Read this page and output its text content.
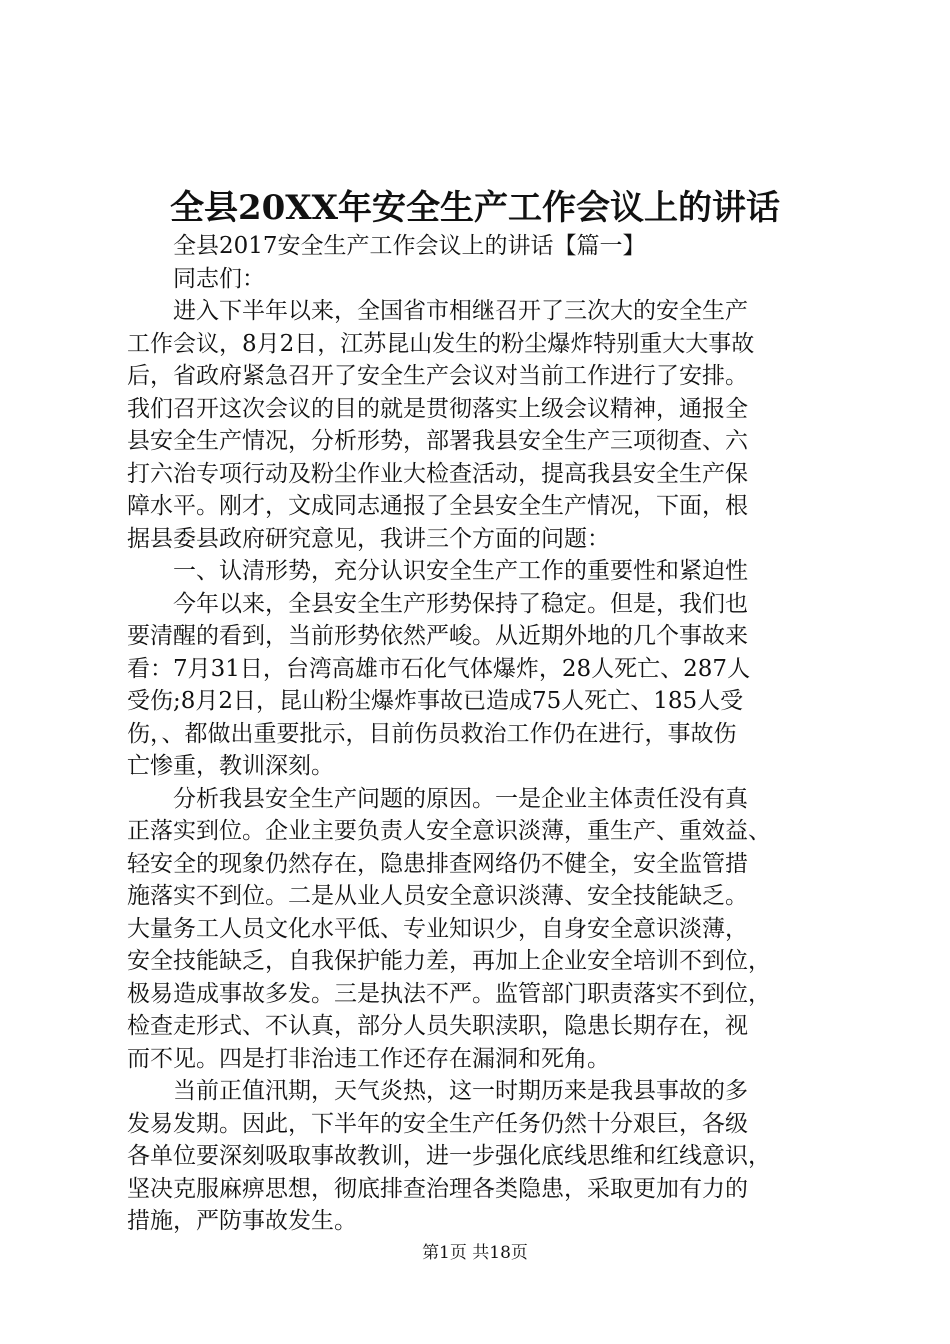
全县20XX年安全生产工作会议上的讲话
全县2017安全生产工作会议上的讲话【篇一】
同志们：
进入下半年以来，全国省市相继召开了三次大的安全生产
工作会议，8月2日，江苏昆山发生的粉尘爆炸特别重大大事故
后，省政府紧急召开了安全生产会议对当前工作进行了安排。
我们召开这次会议的目的就是贯彻落实上级会议精神，通报全
县安全生产情况，分析形势，部署我县安全生产三项彻查、六
打六治专项行动及粉尘作业大检查活动，提高我县安全生产保
障水平。刚才，文成同志通报了全县安全生产情况，下面，根
据县委县政府研究意见，我讲三个方面的问题：
一、认清形势，充分认识安全生产工作的重要性和紧迫性
今年以来，全县安全生产形势保持了稳定。但是，我们也
要清醒的看到，当前形势依然严峻。从近期外地的几个事故来
看：7月31日，台湾高雄市石化气体爆炸，28人死亡、287人
受伤;8月2日，昆山粉尘爆炸事故已造成75人死亡、185人受
伤，、都做出重要批示，目前伤员救治工作仍在进行，事故伤
亡惨重，教训深刻。
分析我县安全生产问题的原因。一是企业主体责任没有真
正落实到位。企业主要负责人安全意识淡薄，重生产、重效益、
轻安全的现象仍然存在，隐患排查网络仍不健全，安全监管措
施落实不到位。二是从业人员安全意识淡薄、安全技能缺乏。
大量务工人员文化水平低、专业知识少，自身安全意识淡薄，
安全技能缺乏，自我保护能力差，再加上企业安全培训不到位，
极易造成事故多发。三是执法不严。监管部门职责落实不到位，
检查走形式、不认真，部分人员失职渎职，隐患长期存在，视
而不见。四是打非治违工作还存在漏洞和死角。
当前正值汛期，天气炎热，这一时期历来是我县事故的多
发易发期。因此，下半年的安全生产任务仍然十分艰巨，各级
各单位要深刻吸取事故教训，进一步强化底线思维和红线意识，
坚决克服麻痹思想，彻底排查治理各类隐患，采取更加有力的
措施，严防事故发生。
第1页 共18页
